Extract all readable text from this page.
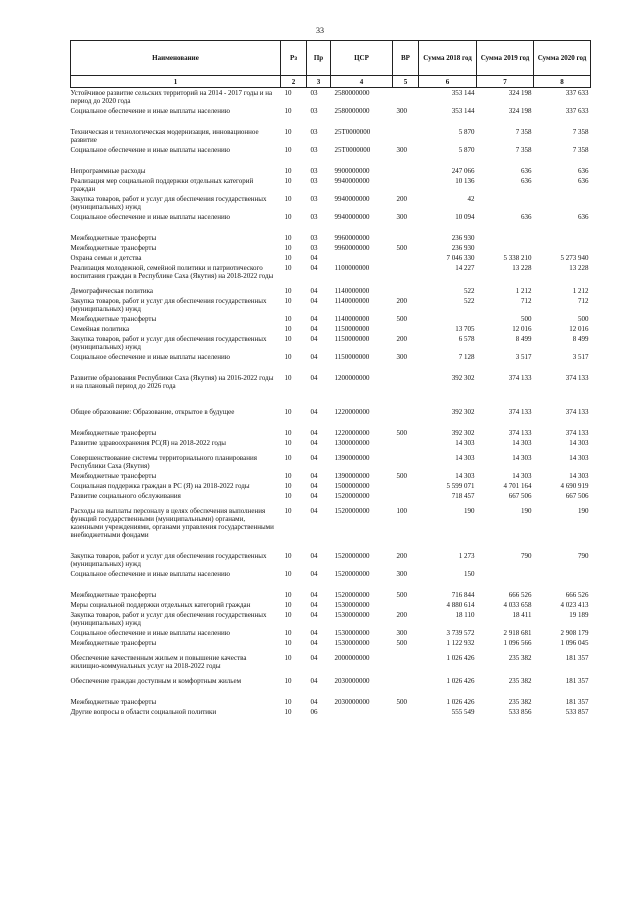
33
Наименование	Рз	Пр	ЦСР	ВР	Сумма 2018 год	Сумма 2019 год	Сумма 2020 год
1	2	3	4	5	6	7	8
Устойчивое развитие сельских территорий на 2014 - 2017 годы и на период до 2020 года	10	03	2580000000		353 144	324 198	337 633
Социальное обеспечение и иные выплаты населению	10	03	2580000000	300	353 144	324 198	337 633

Техническая и технологическая модернизация, инновационное развитие	10	03	25Т0000000		5 870	7 358	7 358
Социальное обеспечение и иные выплаты населению	10	03	25Т0000000	300	5 870	7 358	7 358

Непрограммные расходы	10	03	9900000000		247 066	636	636
Реализация мер социальной поддержки отдельных категорий граждан	10	03	9940000000		10 136	636	636
Закупка товаров, работ и услуг для обеспечения государственных (муниципальных) нужд	10	03	9940000000	200	42		
Социальное обеспечение и иные выплаты населению	10	03	9940000000	300	10 094	636	636

Межбюджетные трансферты	10	03	9960000000		236 930		
Межбюджетные трансферты	10	03	9960000000	500	236 930		
Охрана семьи и детства	10	04			7 046 330	5 338 210	5 273 940
Реализация молодежной, семейной политики и патриотического воспитания граждан в Республике Саха (Якутия) на 2018-2022 годы	10	04	1100000000		14 227	13 228	13 228

Демографическая политика	10	04	1140000000		522	1 212	1 212
Закупка товаров, работ и услуг для обеспечения государственных (муниципальных) нужд	10	04	1140000000	200	522	712	712
Межбюджетные трансферты	10	04	1140000000	500		500	500
Семейная политика	10	04	1150000000		13 705	12 016	12 016
Закупка товаров, работ и услуг для обеспечения государственных (муниципальных) нужд	10	04	1150000000	200	6 578	8 499	8 499
Социальное обеспечение и иные выплаты населению	10	04	1150000000	300	7 128	3 517	3 517

Развитие образования Республики Саха (Якутия) на 2016-2022 годы и на плановый период до 2026 года	10	04	1200000000		392 302	374 133	374 133

Общее образование: Образование, открытое в будущее	10	04	1220000000		392 302	374 133	374 133

Межбюджетные трансферты	10	04	1220000000	500	392 302	374 133	374 133
Развитие здравоохранения РС(Я) на 2018-2022 годы	10	04	1300000000		14 303	14 303	14 303

Совершенствование системы территориального планирования Республики Саха (Якутия)	10	04	1390000000		14 303	14 303	14 303
Межбюджетные трансферты	10	04	1390000000	500	14 303	14 303	14 303
Социальная поддержка граждан в РС (Я) на 2018-2022 годы	10	04	1500000000		5 599 071	4 701 164	4 690 919
Развитие социального обслуживания	10	04	1520000000		718 457	667 506	667 506

Расходы на выплаты персоналу в целях обеспечения выполнения функций государственными (муниципальными) органами, казенными учреждениями, органами управления государственными внебюджетными фондами	10	04	1520000000	100	190	190	190

Закупка товаров, работ и услуг для обеспечения государственных (муниципальных) нужд	10	04	1520000000	200	1 273	790	790
Социальное обеспечение и иные выплаты населению	10	04	1520000000	300	150		

Межбюджетные трансферты	10	04	1520000000	500	716 844	666 526	666 526
Меры социальной поддержки отдельных категорий граждан	10	04	1530000000		4 880 614	4 033 658	4 023 413
Закупка товаров, работ и услуг для обеспечения государственных (муниципальных) нужд	10	04	1530000000	200	18 110	18 411	19 189
Социальное обеспечение и иные выплаты населению	10	04	1530000000	300	3 739 572	2 918 681	2 908 179
Межбюджетные трансферты	10	04	1530000000	500	1 122 932	1 096 566	1 096 045

Обеспечение качественным жильем и повышение качества жилищно-коммунальных услуг на 2018-2022 годы	10	04	2000000000		1 026 426	235 382	181 357

Обеспечение граждан доступным и комфортным жильем	10	04	2030000000		1 026 426	235 382	181 357

Межбюджетные трансферты	10	04	2030000000	500	1 026 426	235 382	181 357
Другие вопросы в области социальной политики	10	06			555 549	533 856	533 857
